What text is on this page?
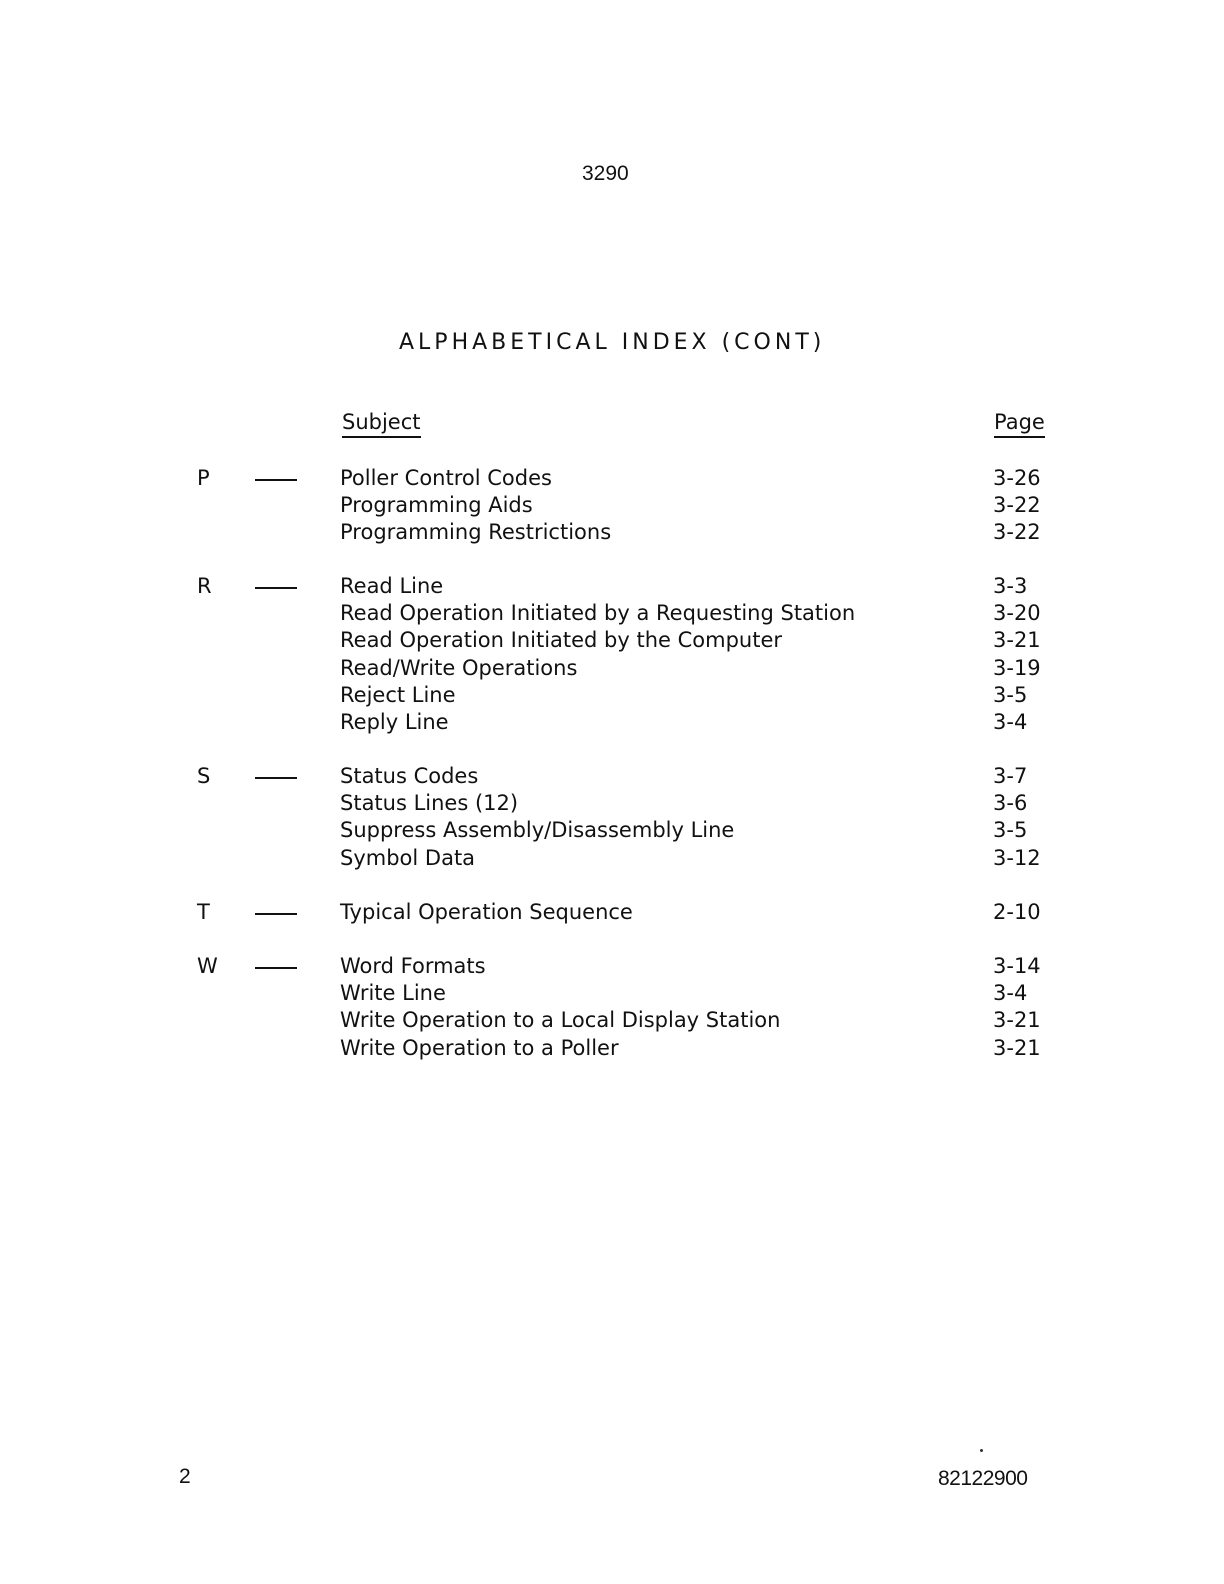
3290
ALPHABETICAL INDEX (CONT)
Subject	Page
P	Poller Control Codes	3-26
Programming Aids	3-22
Programming Restrictions	3-22
R	Read Line	3-3
Read Operation Initiated by a Requesting Station	3-20
Read Operation Initiated by the Computer	3-21
Read/Write Operations	3-19
Reject Line	3-5
Reply Line	3-4
S	Status Codes	3-7
Status Lines (12)	3-6
Suppress Assembly/Disassembly Line	3-5
Symbol Data	3-12
T	Typical Operation Sequence	2-10
W	Word Formats	3-14
Write Line	3-4
Write Operation to a Local Display Station	3-21
Write Operation to a Poller	3-21
2	82122900
